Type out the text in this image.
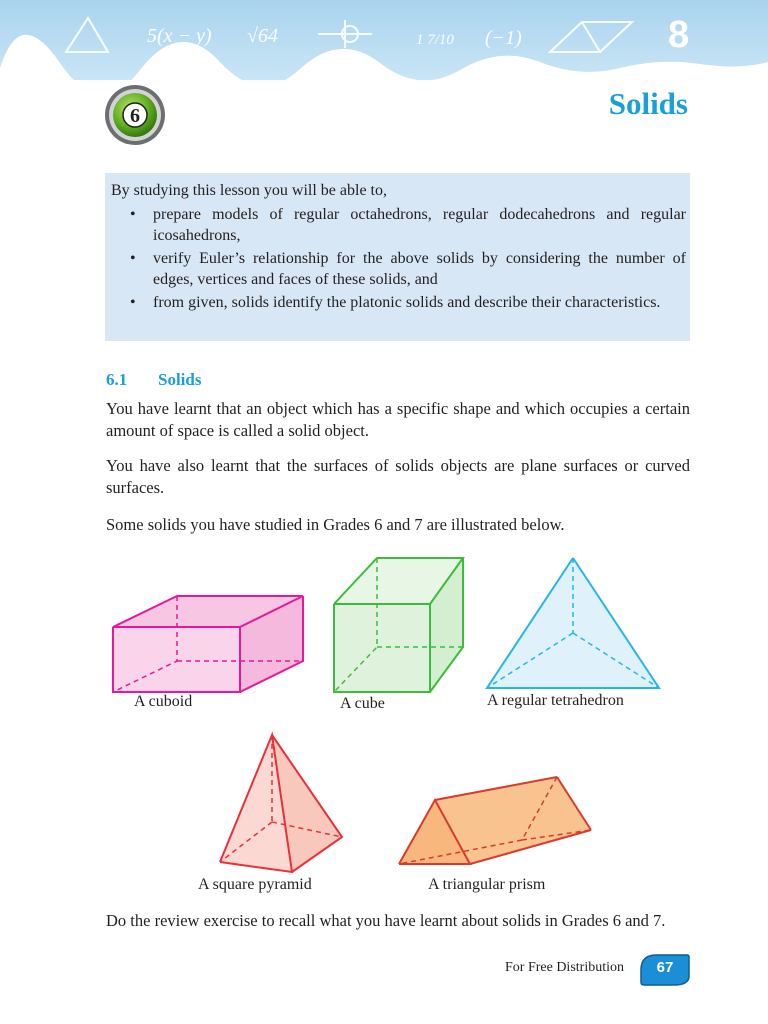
5(x − y) √64	1 7/10 (−1)	8
6	Solids

By studying this lesson you will be able to,

• prepare models of regular octahedrons, regular dodecahedrons and regular icosahedrons,
• verify Euler’s relationship for the above solids by considering the number of edges, vertices and faces of these solids, and
• from given, solids identify the platonic solids and describe their characteristics.
6.1 Solids

You have learnt that an object which has a specific shape and which occupies a certain amount of space is called a solid object.

You have also learnt that the surfaces of solids objects are plane surfaces or curved surfaces.

Some solids you have studied in Grades 6 and 7 are illustrated below.

A cuboid	A cube	A regular tetrahedron
A square pyramid	A triangular prism

Do the review exercise to recall what you have learnt about solids in Grades 6 and 7.

For Free Distribution	67
